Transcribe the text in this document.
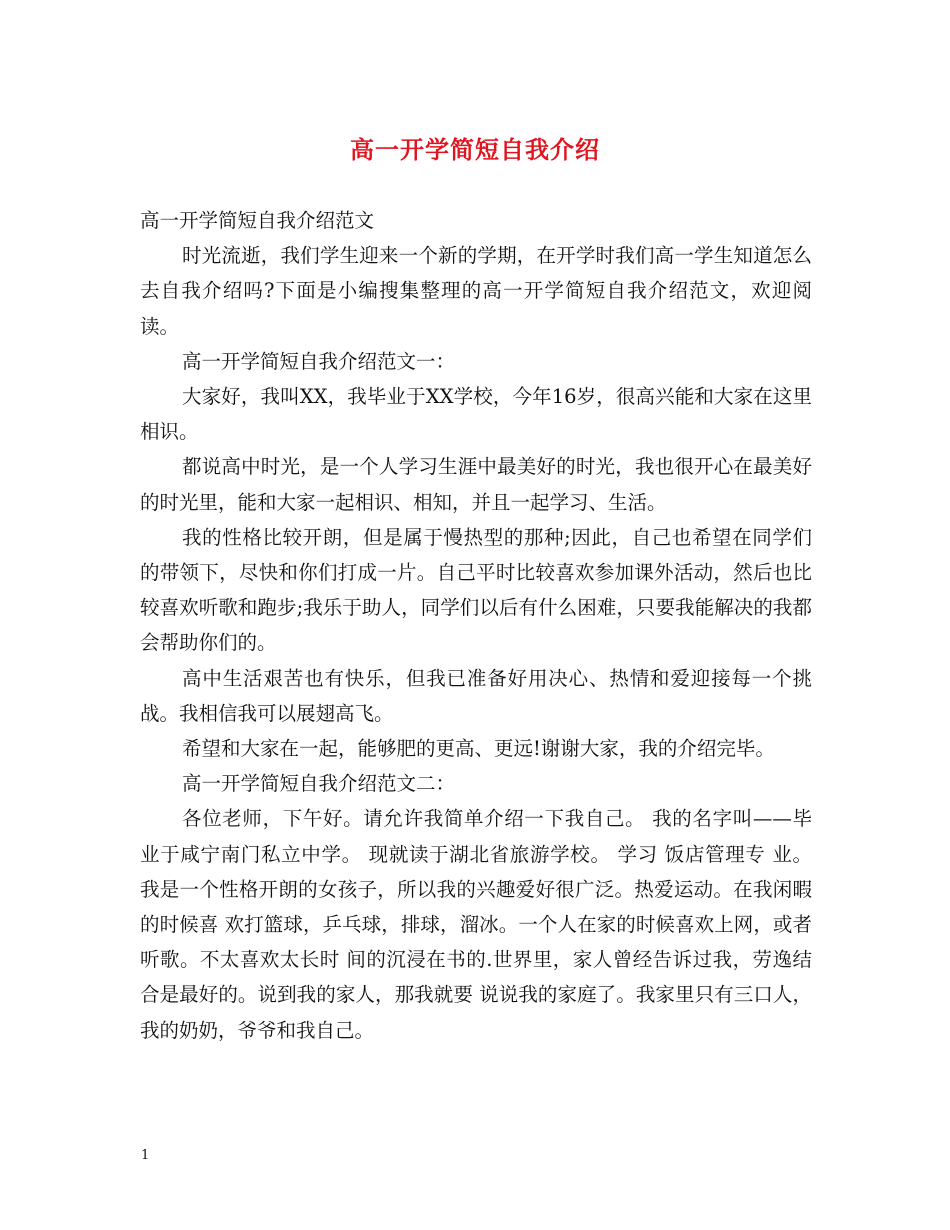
高一开学简短自我介绍

高一开学简短自我介绍范文

时光流逝，我们学生迎来一个新的学期，在开学时我们高一学生知道怎么去自我介绍吗?下面是小编搜集整理的高一开学简短自我介绍范文，欢迎阅读。

高一开学简短自我介绍范文一：

大家好，我叫XX，我毕业于XX学校，今年16岁，很高兴能和大家在这里相识。

都说高中时光，是一个人学习生涯中最美好的时光，我也很开心在最美好的时光里，能和大家一起相识、相知，并且一起学习、生活。

我的性格比较开朗，但是属于慢热型的那种;因此，自己也希望在同学们的带领下，尽快和你们打成一片。自己平时比较喜欢参加课外活动，然后也比较喜欢听歌和跑步;我乐于助人，同学们以后有什么困难，只要我能解决的我都会帮助你们的。

高中生活艰苦也有快乐，但我已准备好用决心、热情和爱迎接每一个挑战。我相信我可以展翅高飞。

希望和大家在一起，能够肥的更高、更远!谢谢大家，我的介绍完毕。

高一开学简短自我介绍范文二：

各位老师，下午好。请允许我简单介绍一下我自己。 我的名字叫——毕业于咸宁南门私立中学。 现就读于湖北省旅游学校。 学习 饭店管理专 业。 我是一个性格开朗的女孩子，所以我的兴趣爱好很广泛。热爱运动。在我闲暇的时候喜 欢打篮球，乒乓球，排球，溜冰。一个人在家的时候喜欢上网，或者听歌。不太喜欢太长时 间的沉浸在书的.世界里，家人曾经告诉过我，劳逸结合是最好的。说到我的家人，那我就要 说说我的家庭了。我家里只有三口人，我的奶奶，爷爷和我自己。

1
